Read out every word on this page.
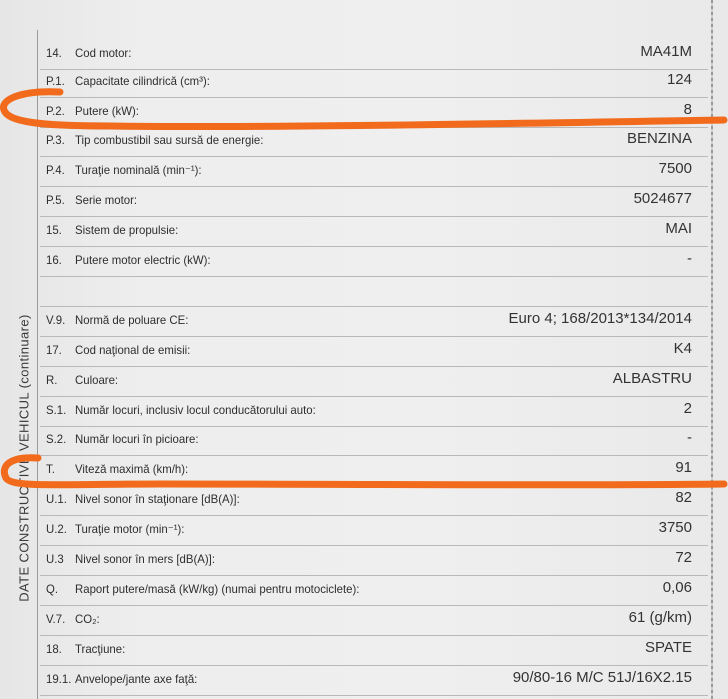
DATE CONSTRUCTIVE VEHICUL (continuare)
14. Cod motor:	MA41M
P.1. Capacitate cilindrică (cm³):	124
P.2. Putere (kW):	8
P.3. Tip combustibil sau sursă de energie:	BENZINA
P.4. Turaţie nominală (min⁻¹):	7500
P.5. Serie motor:	5024677
15. Sistem de propulsie:	MAI
16. Putere motor electric (kW):	-
V.9. Normă de poluare CE:	Euro 4; 168/2013*134/2014
17. Cod naţional de emisii:	K4
R. Culoare:	ALBASTRU
S.1. Număr locuri, inclusiv locul conducătorului auto:	2
S.2. Număr locuri în picioare:	-
T. Viteză maximă (km/h):	91
U.1. Nivel sonor în staţionare [dB(A)]:	82
U.2. Turaţie motor (min⁻¹):	3750
U.3 Nivel sonor în mers [dB(A)]:	72
Q. Raport putere/masă (kW/kg) (numai pentru motociclete):	0,06
V.7. CO₂:	61 (g/km)
18. Tracţiune:	SPATE
19.1. Anvelope/jante axe faţă:	90/80-16 M/C 51J/16X2.15
